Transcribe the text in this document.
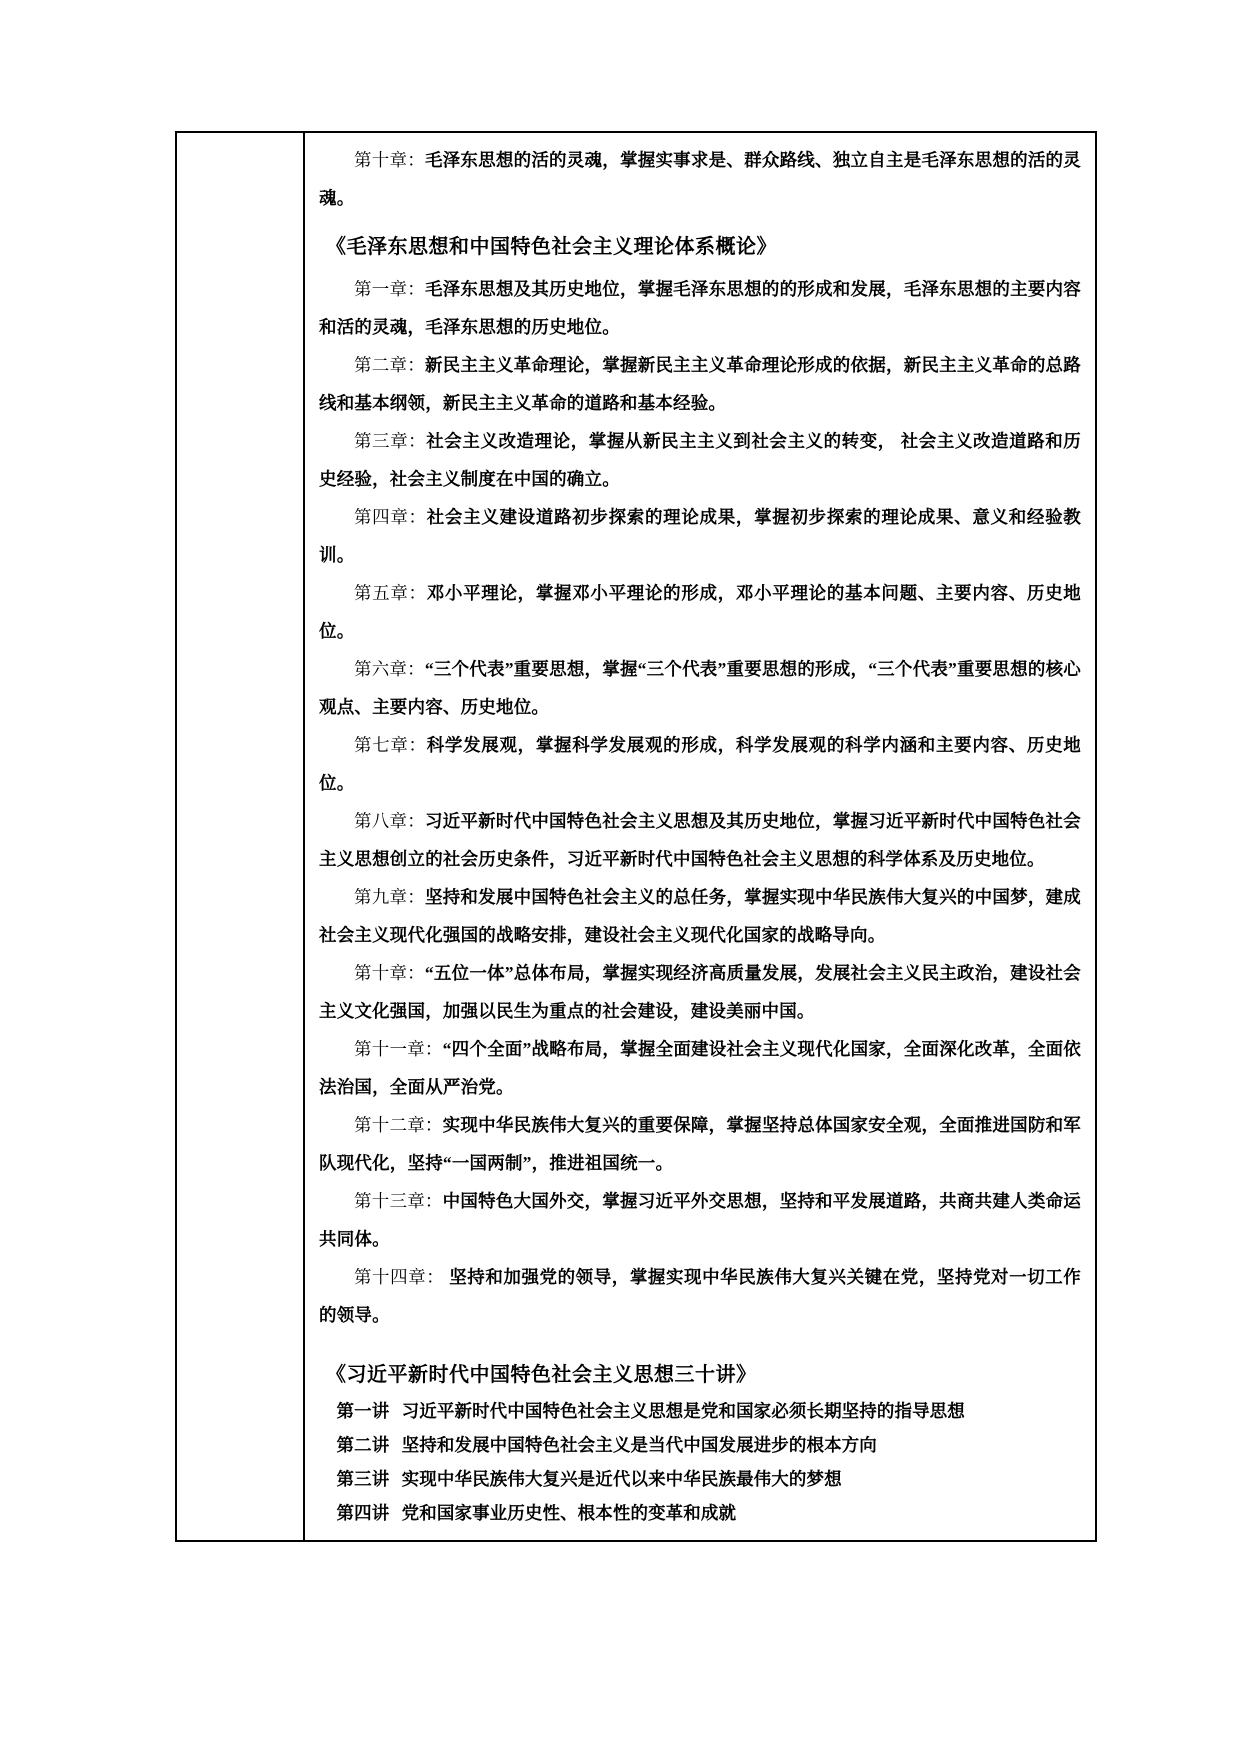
第十章：毛泽东思想的活的灵魂，掌握实事求是、群众路线、独立自主是毛泽东思想的活的灵魂。

《毛泽东思想和中国特色社会主义理论体系概论》

第一章：毛泽东思想及其历史地位，掌握毛泽东思想的的形成和发展，毛泽东思想的主要内容和活的灵魂，毛泽东思想的历史地位。

第二章：新民主主义革命理论，掌握新民主主义革命理论形成的依据，新民主主义革命的总路线和基本纲领，新民主主义革命的道路和基本经验。

第三章：社会主义改造理论，掌握从新民主主义到社会主义的转变， 社会主义改造道路和历史经验，社会主义制度在中国的确立。

第四章：社会主义建设道路初步探索的理论成果，掌握初步探索的理论成果、意义和经验教训。

第五章：邓小平理论，掌握邓小平理论的形成，邓小平理论的基本问题、主要内容、历史地位。

第六章：“三个代表”重要思想，掌握“三个代表”重要思想的形成，“三个代表”重要思想的核心观点、主要内容、历史地位。

第七章：科学发展观，掌握科学发展观的形成，科学发展观的科学内涵和主要内容、历史地位。

第八章：习近平新时代中国特色社会主义思想及其历史地位，掌握习近平新时代中国特色社会主义思想创立的社会历史条件，习近平新时代中国特色社会主义思想的科学体系及历史地位。

第九章：坚持和发展中国特色社会主义的总任务，掌握实现中华民族伟大复兴的中国梦，建成社会主义现代化强国的战略安排，建设社会主义现代化国家的战略导向。

第十章：“五位一体”总体布局，掌握实现经济高质量发展，发展社会主义民主政治，建设社会主义文化强国，加强以民生为重点的社会建设，建设美丽中国。

第十一章：“四个全面”战略布局，掌握全面建设社会主义现代化国家，全面深化改革，全面依法治国，全面从严治党。

第十二章：实现中华民族伟大复兴的重要保障，掌握坚持总体国家安全观，全面推进国防和军队现代化，坚持“一国两制”，推进祖国统一。

第十三章：中国特色大国外交，掌握习近平外交思想，坚持和平发展道路，共商共建人类命运共同体。

第十四章： 坚持和加强党的领导，掌握实现中华民族伟大复兴关键在党，坚持党对一切工作的领导。

《习近平新时代中国特色社会主义思想三十讲》

第一讲 习近平新时代中国特色社会主义思想是党和国家必须长期坚持的指导思想

第二讲 坚持和发展中国特色社会主义是当代中国发展进步的根本方向

第三讲 实现中华民族伟大复兴是近代以来中华民族最伟大的梦想

第四讲 党和国家事业历史性、根本性的变革和成就
